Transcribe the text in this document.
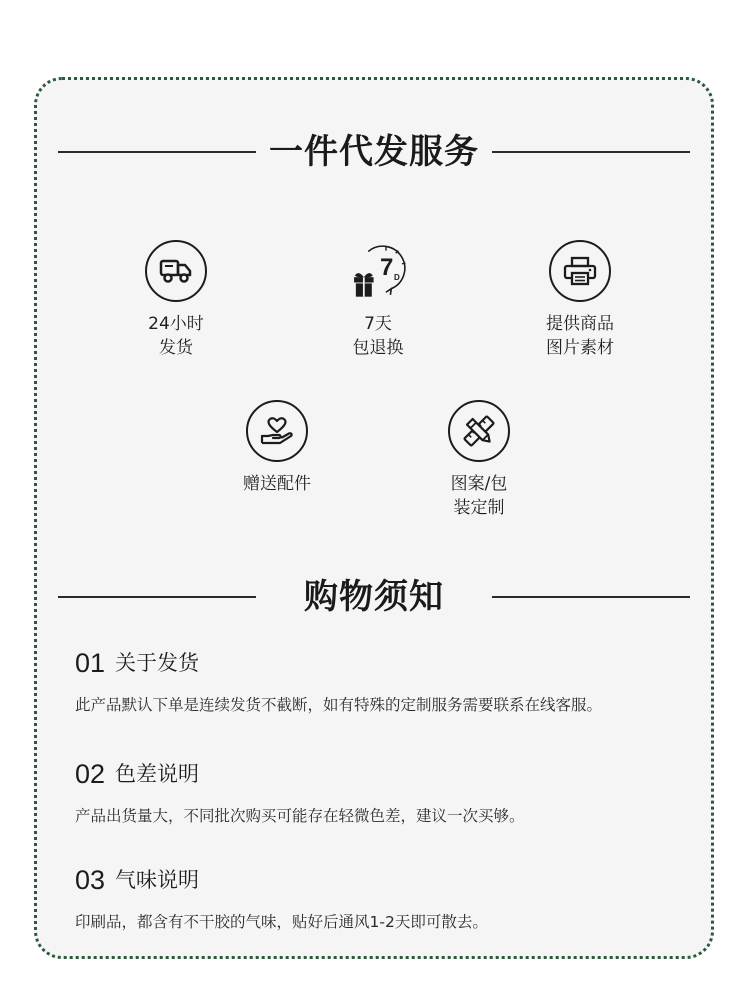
一件代发服务
24小时
发货
7 D
7天
包退换
提供商品
图片素材
赠送配件	图案/包
装定制
购物须知
01 关于发货
此产品默认下单是连续发货不截断，如有特殊的定制服务需要联系在线客服。
02 色差说明
产品出货量大，不同批次购买可能存在轻微色差，建议一次买够。
03 气味说明
印刷品，都含有不干胶的气味，贴好后通风1-2天即可散去。
